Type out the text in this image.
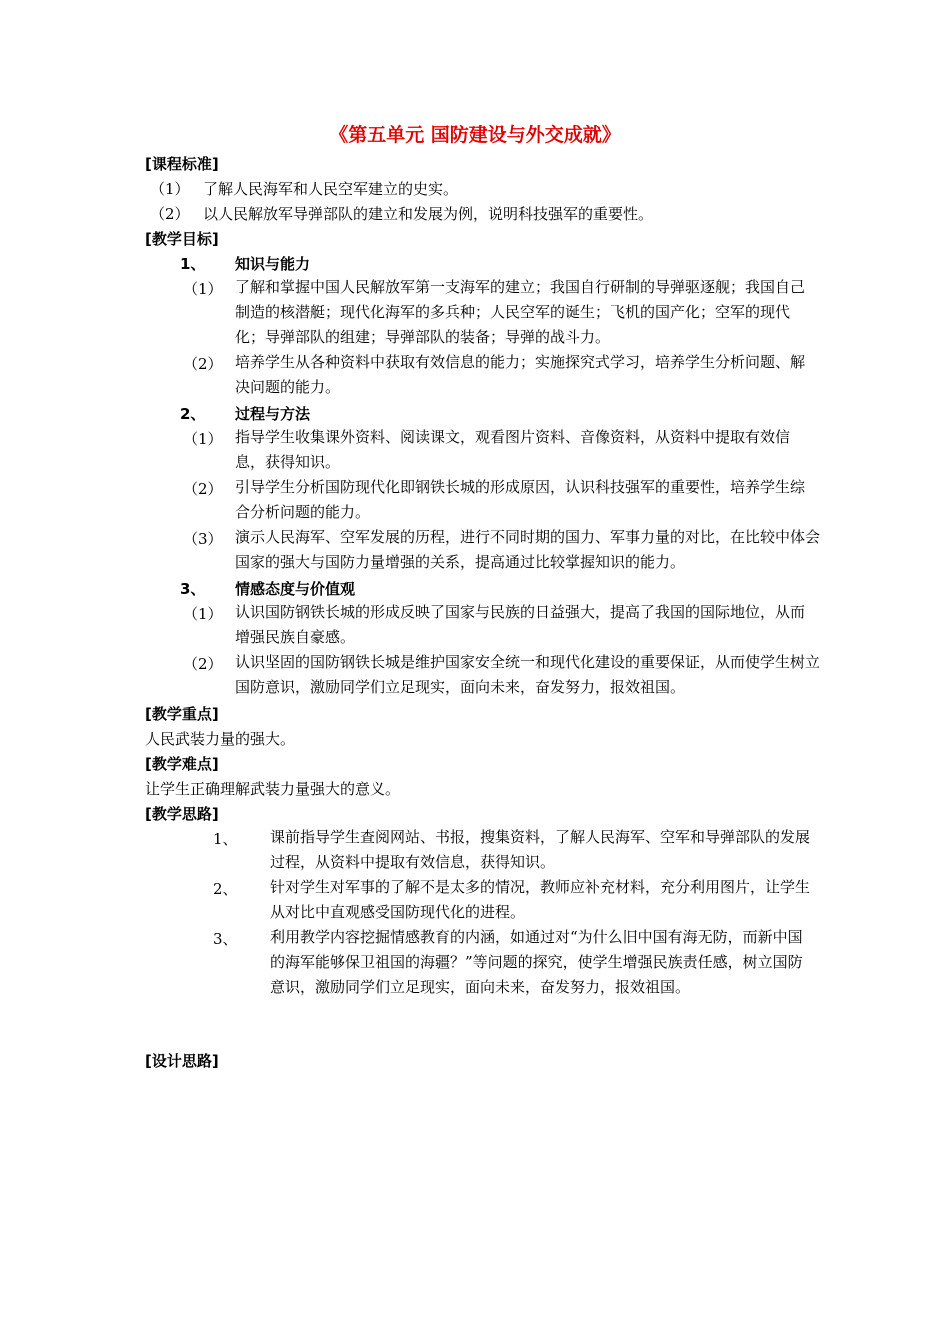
《第五单元 国防建设与外交成就》
[课程标准]
（1） 了解人民海军和人民空军建立的史实。
（2） 以人民解放军导弹部队的建立和发展为例，说明科技强军的重要性。
[教学目标]
1、 知识与能力
（1） 了解和掌握中国人民解放军第一支海军的建立；我国自行研制的导弹驱逐舰；我国自己制造的核潜艇；现代化海军的多兵种；人民空军的诞生；飞机的国产化；空军的现代化；导弹部队的组建；导弹部队的装备；导弹的战斗力。
（2） 培养学生从各种资料中获取有效信息的能力；实施探究式学习，培养学生分析问题、解决问题的能力。
2、 过程与方法
（1） 指导学生收集课外资料、阅读课文，观看图片资料、音像资料，从资料中提取有效信息，获得知识。
（2） 引导学生分析国防现代化即钢铁长城的形成原因，认识科技强军的重要性，培养学生综合分析问题的能力。
（3） 演示人民海军、空军发展的历程，进行不同时期的国力、军事力量的对比，在比较中体会国家的强大与国防力量增强的关系，提高通过比较掌握知识的能力。
3、 情感态度与价值观
（1） 认识国防钢铁长城的形成反映了国家与民族的日益强大，提高了我国的国际地位，从而增强民族自豪感。
（2） 认识坚固的国防钢铁长城是维护国家安全统一和现代化建设的重要保证，从而使学生树立国防意识，激励同学们立足现实，面向未来，奋发努力，报效祖国。
[教学重点]
人民武装力量的强大。
[教学难点]
让学生正确理解武装力量强大的意义。
[教学思路]
1、 课前指导学生查阅网站、书报，搜集资料，了解人民海军、空军和导弹部队的发展过程，从资料中提取有效信息，获得知识。
2、 针对学生对军事的了解不是太多的情况，教师应补充材料，充分利用图片，让学生从对比中直观感受国防现代化的进程。
3、 利用教学内容挖掘情感教育的内涵，如通过对“为什么旧中国有海无防，而新中国的海军能够保卫祖国的海疆？”等问题的探究，使学生增强民族责任感，树立国防意识，激励同学们立足现实，面向未来，奋发努力，报效祖国。
[设计思路]
